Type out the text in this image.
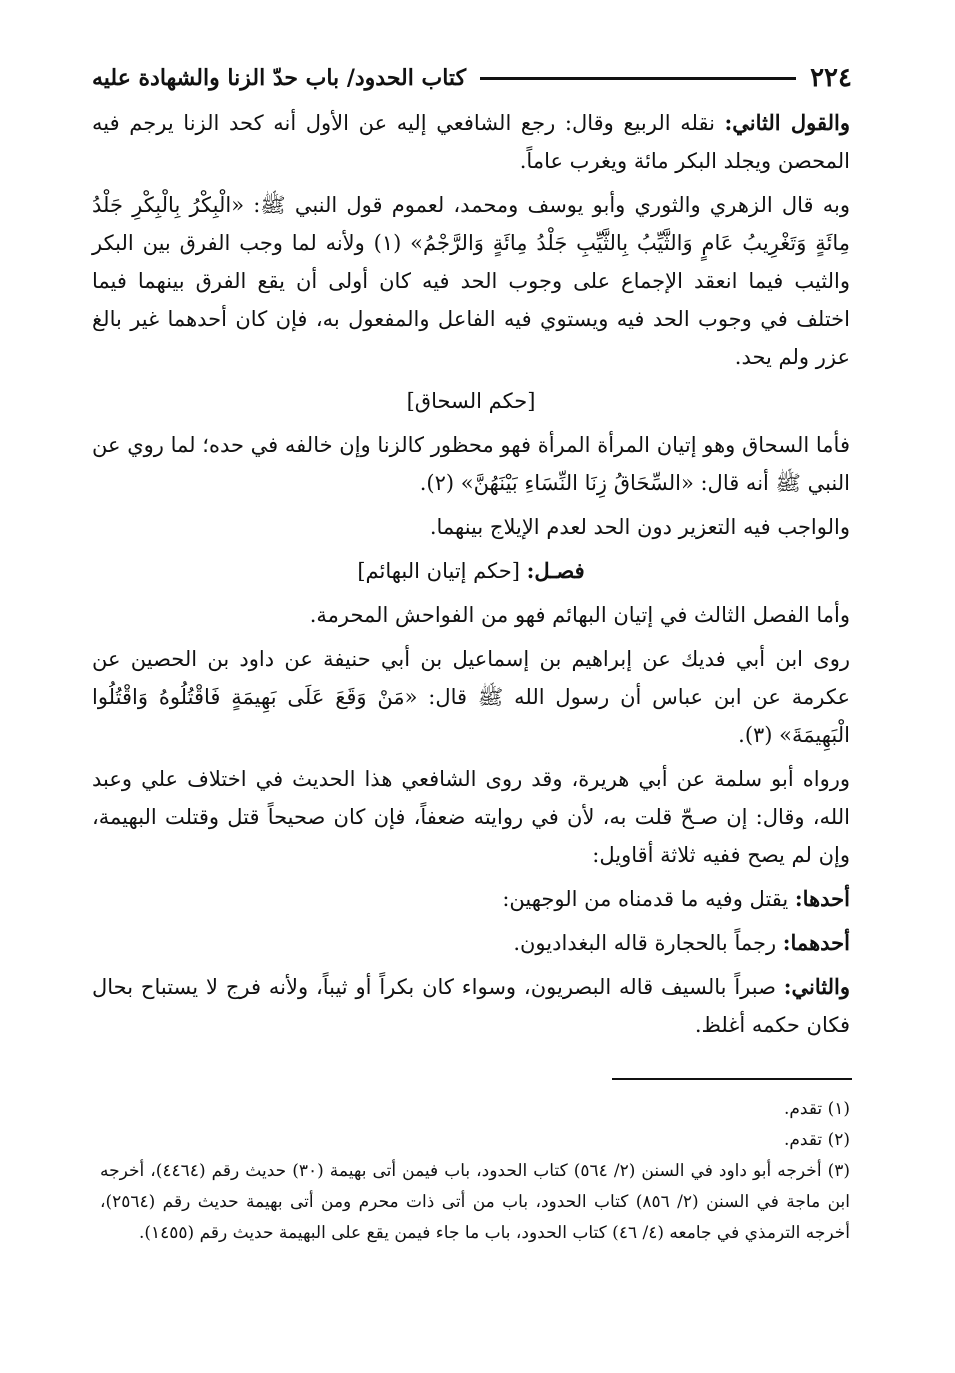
٢٢٤
كتاب الحدود/ باب حدّ الزنا والشهادة عليه

والقول الثاني: نقله الربيع وقال: رجع الشافعي إليه عن الأول أنه كحد الزنا يرجم فيه المحصن ويجلد البكر مائة ويغرب عاماً.

وبه قال الزهري والثوري وأبو يوسف ومحمد، لعموم قول النبي ﷺ: «الْبِكْرُ بِالْبِكْرِ جَلْدُ مِائَةٍ وَتَغْرِيبُ عَامٍ وَالثَّيِّبُ بِالثَّيِّبِ جَلْدُ مِائَةٍ وَالرَّجْمُ» (١) ولأنه لما وجب الفرق بين البكر والثيب فيما انعقد الإجماع على وجوب الحد فيه كان أولى أن يقع الفرق بينهما فيما اختلف في وجوب الحد فيه ويستوي فيه الفاعل والمفعول به، فإن كان أحدهما غير بالغ عزر ولم يحد.

[حكم السحاق]

فأما السحاق وهو إتيان المرأة المرأة فهو محظور كالزنا وإن خالفه في حده؛ لما روي عن النبي ﷺ أنه قال: «السِّحَاقُ زِنَا النِّسَاءِ بَيْنَهُنَّ» (٢).

والواجب فيه التعزير دون الحد لعدم الإيلاج بينهما.

فصـل: [حكم إتيان البهائم]

وأما الفصل الثالث في إتيان البهائم فهو من الفواحش المحرمة.

روى ابن أبي فديك عن إبراهيم بن إسماعيل بن أبي حنيفة عن داود بن الحصين عن عكرمة عن ابن عباس أن رسول الله ﷺ قال: «مَنْ وَقَعَ عَلَى بَهِيمَةٍ فَاقْتُلُوهُ وَاقْتُلُوا الْبَهِيمَةَ» (٣).

ورواه أبو سلمة عن أبي هريرة، وقد روى الشافعي هذا الحديث في اختلاف علي وعبد الله، وقال: إن صـحّ قلت به، لأن في روايته ضعفاً، فإن كان صحيحاً قتل وقتلت البهيمة، وإن لم يصح ففيه ثلاثة أقاويل:

أحدها: يقتل وفيه ما قدمناه من الوجهين:

أحدهما: رجماً بالحجارة قاله البغداديون.

والثاني: صبراً بالسيف قاله البصريون، وسواء كان بكراً أو ثيباً، ولأنه فرج لا يستباح بحال فكان حكمه أغلظ.

(١) تقدم.

(٢) تقدم.

(٣) أخرجه أبو داود في السنن (٢/ ٥٦٤) كتاب الحدود، باب فيمن أتى بهيمة (٣٠) حديث رقم (٤٤٦٤)، أخرجه ابن ماجة في السنن (٢/ ٨٥٦) كتاب الحدود، باب من أتى ذات محرم ومن أتى بهيمة حديث رقم (٢٥٦٤)، أخرجه الترمذي في جامعه (٤/ ٤٦) كتاب الحدود، باب ما جاء فيمن يقع على البهيمة حديث رقم (١٤٥٥).
